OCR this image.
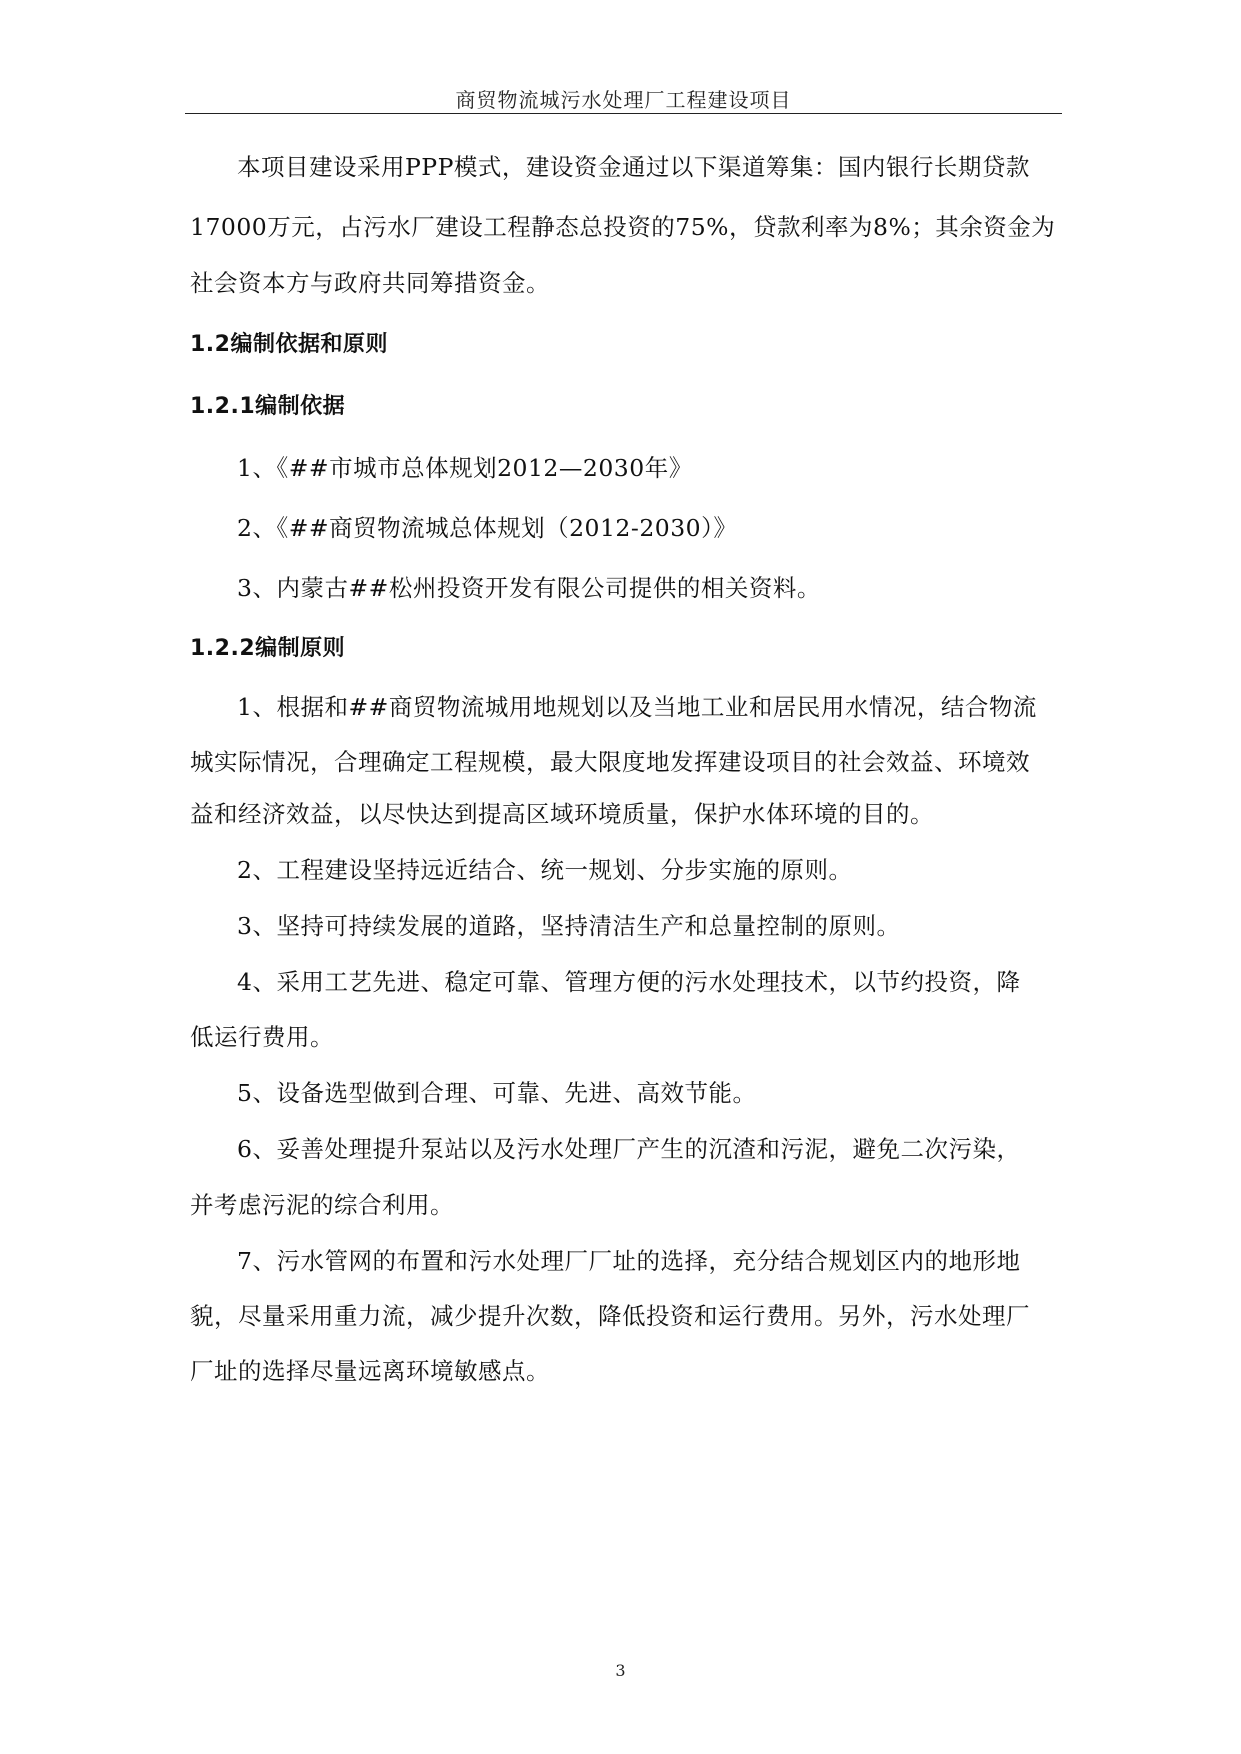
商贸物流城污水处理厂工程建设项目
本项目建设采用PPP模式，建设资金通过以下渠道筹集：国内银行长期贷款
17000万元，占污水厂建设工程静态总投资的75%，贷款利率为8%；其余资金为
社会资本方与政府共同筹措资金。
1.2编制依据和原则
1.2.1编制依据
1、《##市城市总体规划2012—2030年》
2、《##商贸物流城总体规划（2012-2030）》
3、内蒙古##松州投资开发有限公司提供的相关资料。
1.2.2编制原则
1、根据和##商贸物流城用地规划以及当地工业和居民用水情况，结合物流
城实际情况，合理确定工程规模，最大限度地发挥建设项目的社会效益、环境效
益和经济效益，以尽快达到提高区域环境质量，保护水体环境的目的。
2、工程建设坚持远近结合、统一规划、分步实施的原则。
3、坚持可持续发展的道路，坚持清洁生产和总量控制的原则。
4、采用工艺先进、稳定可靠、管理方便的污水处理技术，以节约投资，降
低运行费用。
5、设备选型做到合理、可靠、先进、高效节能。
6、妥善处理提升泵站以及污水处理厂产生的沉渣和污泥，避免二次污染，
并考虑污泥的综合利用。
7、污水管网的布置和污水处理厂厂址的选择，充分结合规划区内的地形地
貌，尽量采用重力流，减少提升次数，降低投资和运行费用。另外，污水处理厂
厂址的选择尽量远离环境敏感点。
3
